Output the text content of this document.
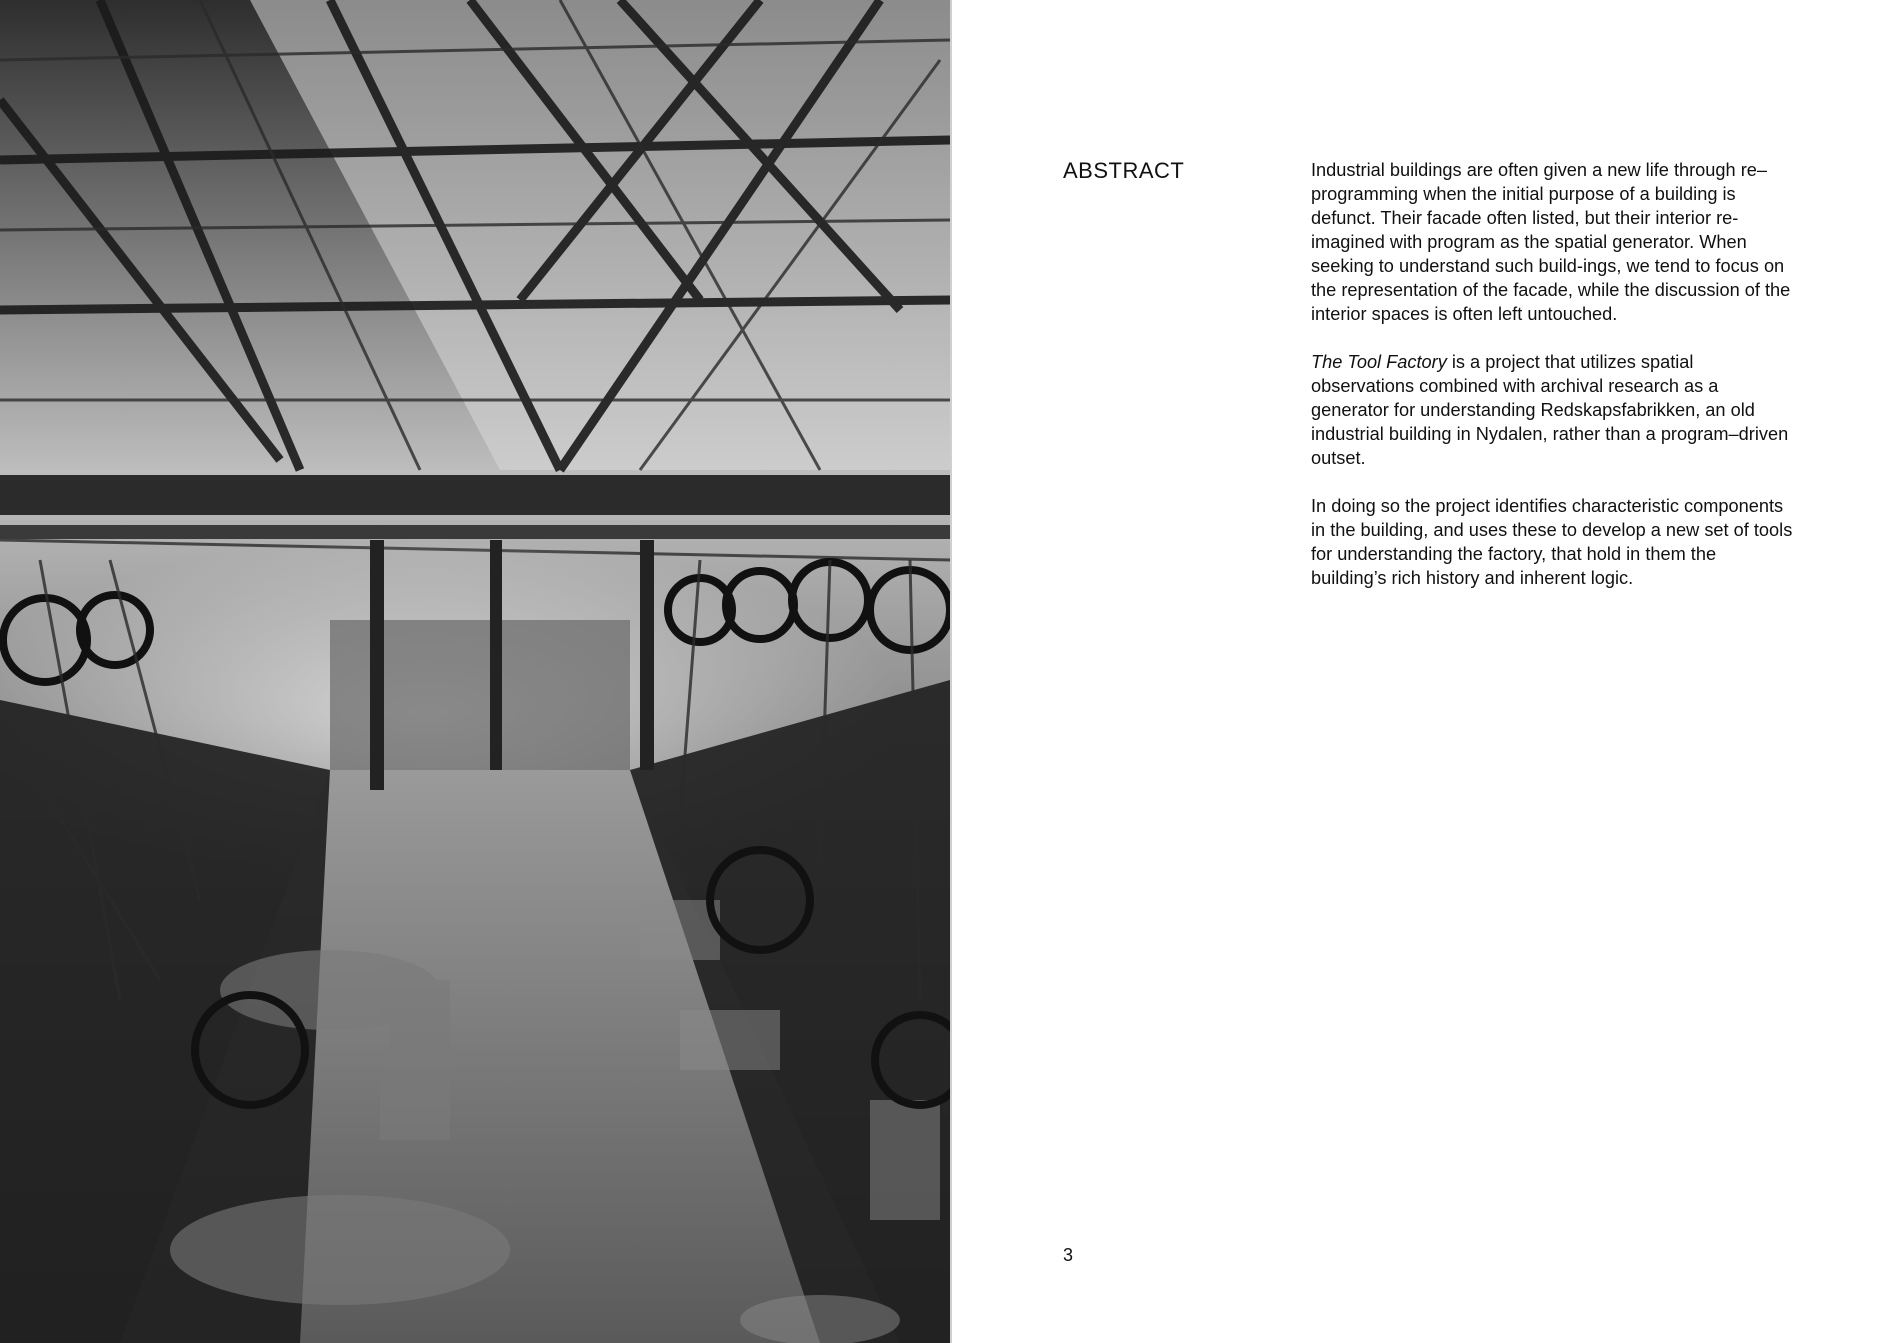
ABSTRACT	Industrial buildings are often given a new life through re–programming when the initial purpose of a building is defunct. Their facade often listed, but their interior re-imagined with program as the spatial generator. When seeking to understand such build-ings, we tend to focus on the representation of the facade, while the discussion of the interior spaces is often left untouched.

The Tool Factory is a project that utilizes spatial observations combined with archival research as a generator for understanding Redskapsfabrikken, an old industrial building in Nydalen, rather than a program–driven outset.

In doing so the project identifies characteristic components in the building, and uses these to develop a new set of tools for understanding the factory, that hold in them the building’s rich history and inherent logic.

3
